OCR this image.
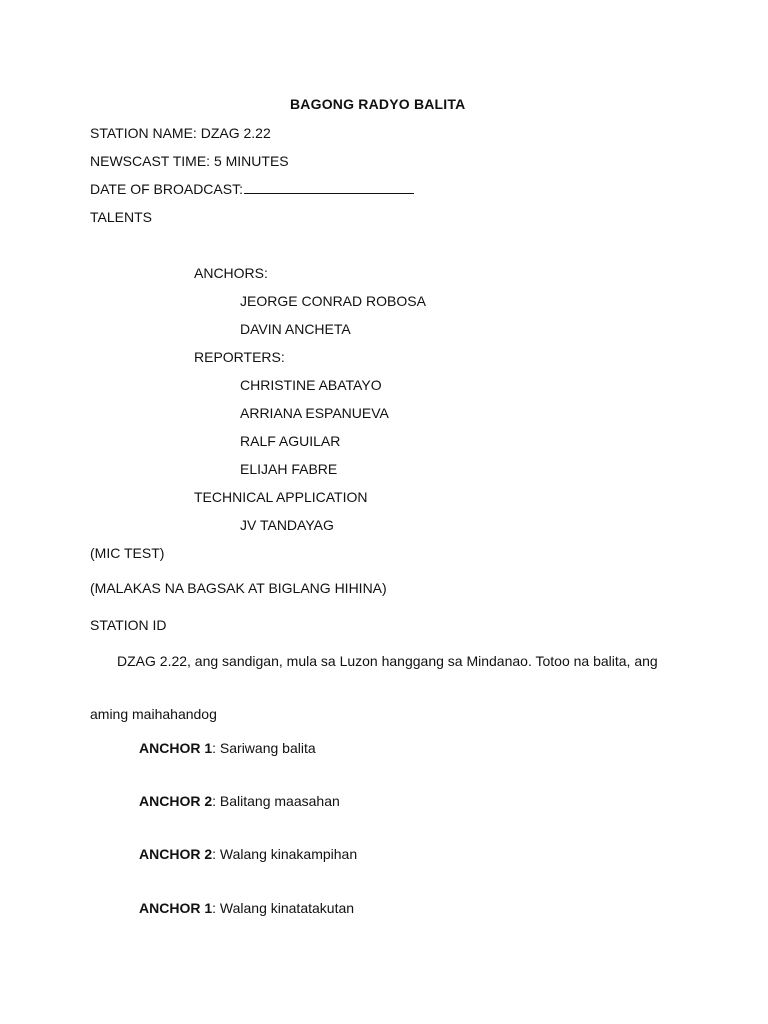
BAGONG RADYO BALITA
STATION NAME: DZAG 2.22
NEWSCAST TIME: 5 MINUTES
DATE OF BROADCAST:
TALENTS
ANCHORS:
JEORGE CONRAD ROBOSA
DAVIN ANCHETA
REPORTERS:
CHRISTINE ABATAYO
ARRIANA ESPANUEVA
RALF AGUILAR
ELIJAH FABRE
TECHNICAL APPLICATION
JV TANDAYAG
(MIC TEST)
(MALAKAS NA BAGSAK AT BIGLANG HIHINA)
STATION ID
DZAG 2.22, ang sandigan, mula sa Luzon hanggang sa Mindanao. Totoo na balita, ang
aming maihahandog
ANCHOR 1: Sariwang balita
ANCHOR 2: Balitang maasahan
ANCHOR 2: Walang kinakampihan
ANCHOR 1: Walang kinatatakutan
